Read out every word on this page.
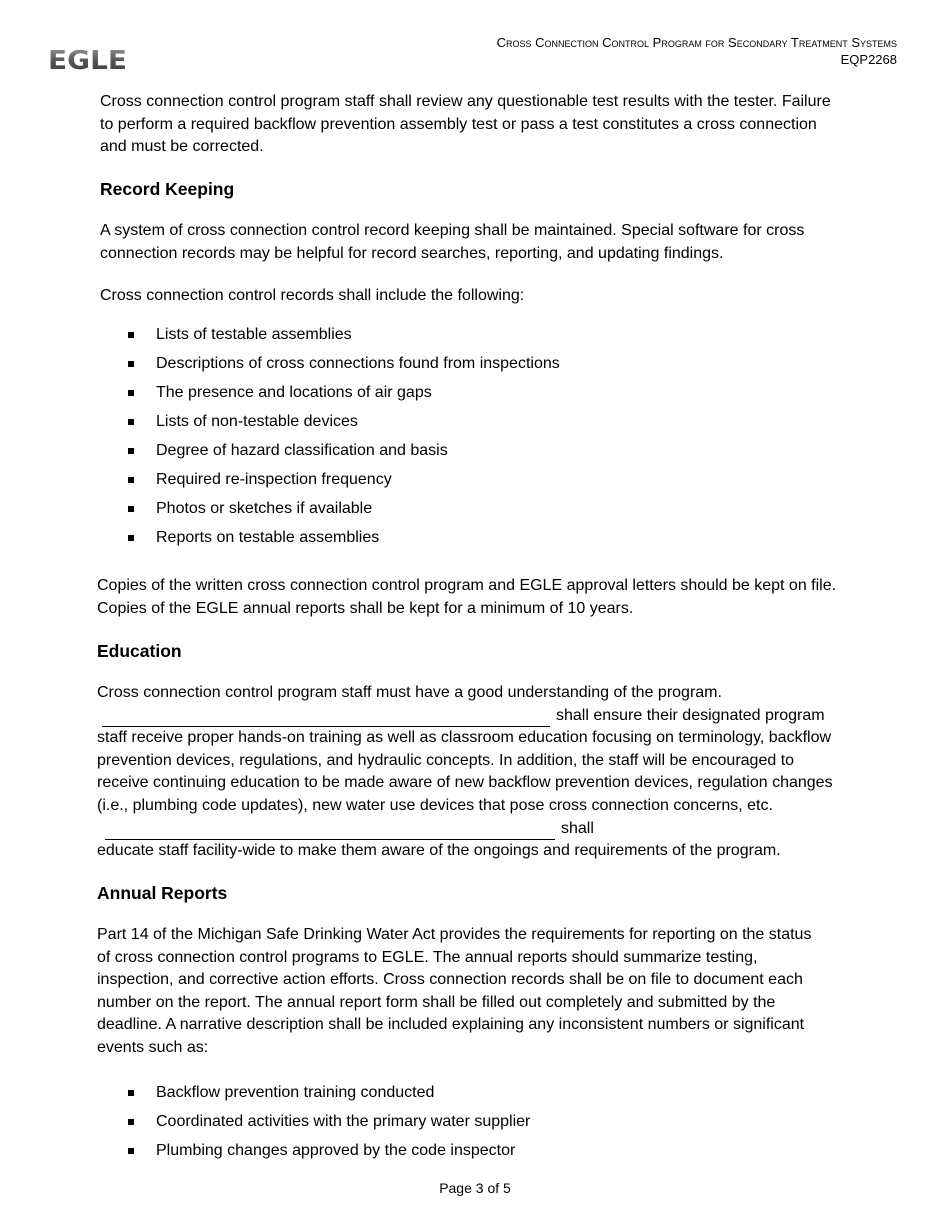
EGLE
Cross Connection Control Program for Secondary Treatment Systems
EQP2268

Cross connection control program staff shall review any questionable test results with the tester. Failure to perform a required backflow prevention assembly test or pass a test constitutes a cross connection and must be corrected.

Record Keeping

A system of cross connection control record keeping shall be maintained. Special software for cross connection records may be helpful for record searches, reporting, and updating findings.

Cross connection control records shall include the following:

Lists of testable assemblies
Descriptions of cross connections found from inspections
The presence and locations of air gaps
Lists of non-testable devices
Degree of hazard classification and basis
Required re-inspection frequency
Photos or sketches if available
Reports on testable assemblies

Copies of the written cross connection control program and EGLE approval letters should be kept on file. Copies of the EGLE annual reports shall be kept for a minimum of 10 years.

Education
Cross connection control program staff must have a good understanding of the program.
shall ensure their designated program
staff receive proper hands-on training as well as classroom education focusing on terminology, backflow prevention devices, regulations, and hydraulic concepts. In addition, the staff will be encouraged to receive continuing education to be made aware of new backflow prevention devices, regulation changes (i.e., plumbing code updates), new water use devices that pose cross connection concerns, etc.shall
educate staff facility-wide to make them aware of the ongoings and requirements of the program.
Annual Reports

Part 14 of the Michigan Safe Drinking Water Act provides the requirements for reporting on the status of cross connection control programs to EGLE. The annual reports should summarize testing, inspection, and corrective action efforts. Cross connection records shall be on file to document each number on the report. The annual report form shall be filled out completely and submitted by the deadline. A narrative description shall be included explaining any inconsistent numbers or significant events such as:

Backflow prevention training conducted
Coordinated activities with the primary water supplier
Plumbing changes approved by the code inspector
Page 3 of 5
